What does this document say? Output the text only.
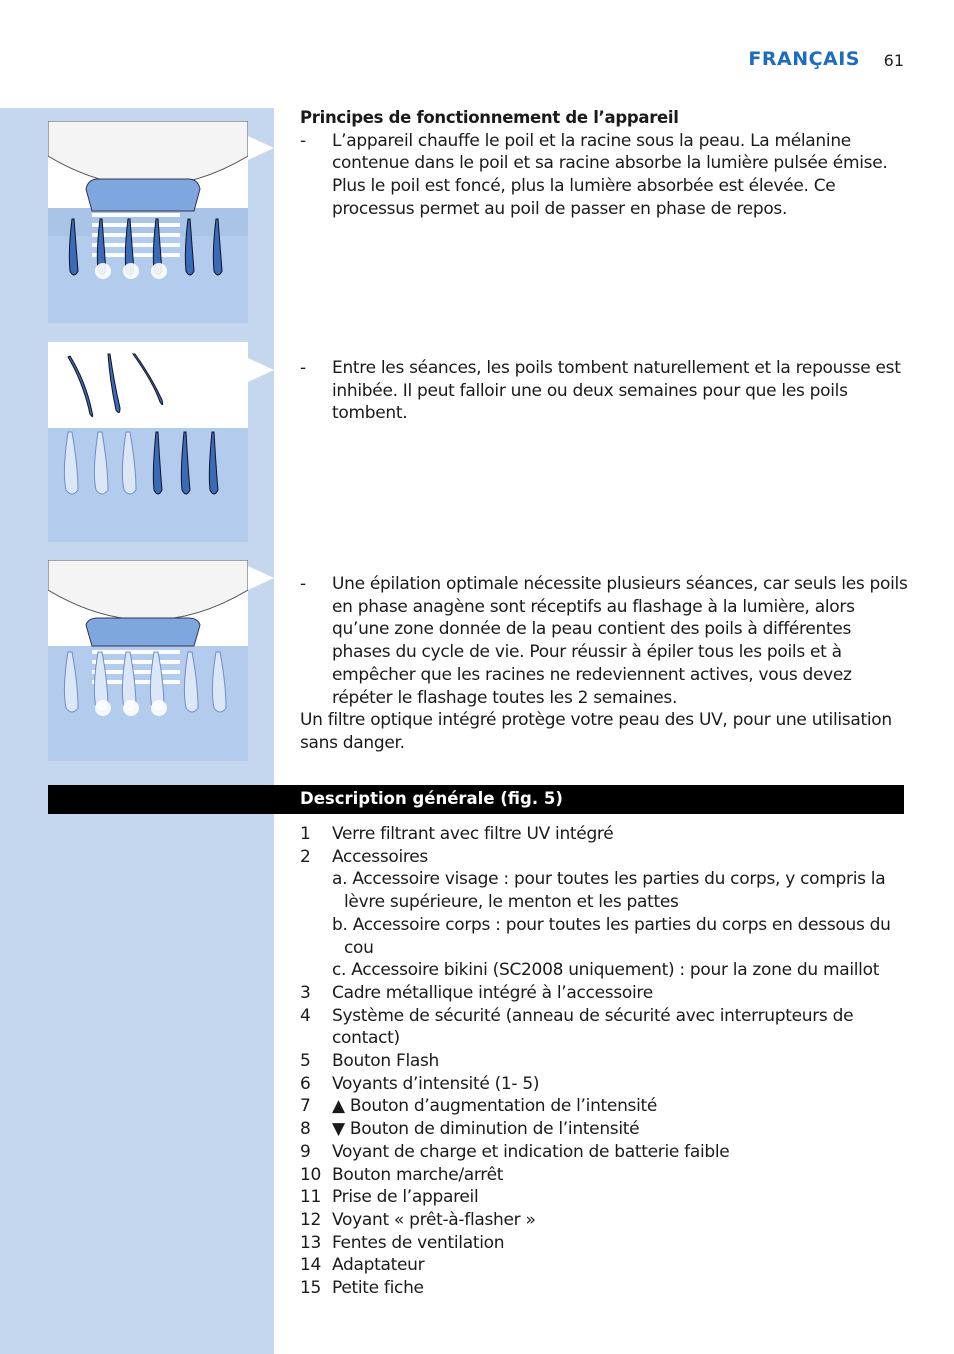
FRANÇAIS 61

Principes de fonctionnement de l’appareil

- L’appareil chauffe le poil et la racine sous la peau. La mélanine contenue dans le poil et sa racine absorbe la lumière pulsée émise. Plus le poil est foncé, plus la lumière absorbée est élevée. Ce processus permet au poil de passer en phase de repos.

- Entre les séances, les poils tombent naturellement et la repousse est inhibée. Il peut falloir une ou deux semaines pour que les poils tombent.

- Une épilation optimale nécessite plusieurs séances, car seuls les poils en phase anagène sont réceptifs au flashage à la lumière, alors qu’une zone donnée de la peau contient des poils à différentes phases du cycle de vie. Pour réussir à épiler tous les poils et à empêcher que les racines ne redeviennent actives, vous devez répéter le flashage toutes les 2 semaines.

Un filtre optique intégré protège votre peau des UV, pour une utilisation sans danger.

Description générale (fig. 5)
1 Verre filtrant avec filtre UV intégré
2 Accessoires
a. Accessoire visage : pour toutes les parties du corps, y compris la lèvre supérieure, le menton et les pattes
b. Accessoire corps : pour toutes les parties du corps en dessous du cou
c. Accessoire bikini (SC2008 uniquement) : pour la zone du maillot
3 Cadre métallique intégré à l’accessoire
4 Système de sécurité (anneau de sécurité avec interrupteurs de contact)
5 Bouton Flash
6 Voyants d’intensité (1- 5)
7 ▲ Bouton d’augmentation de l’intensité
8 ▼ Bouton de diminution de l’intensité
9 Voyant de charge et indication de batterie faible
10 Bouton marche/arrêt
11 Prise de l’appareil
12 Voyant « prêt-à-flasher »
13 Fentes de ventilation
14 Adaptateur
15 Petite fiche
